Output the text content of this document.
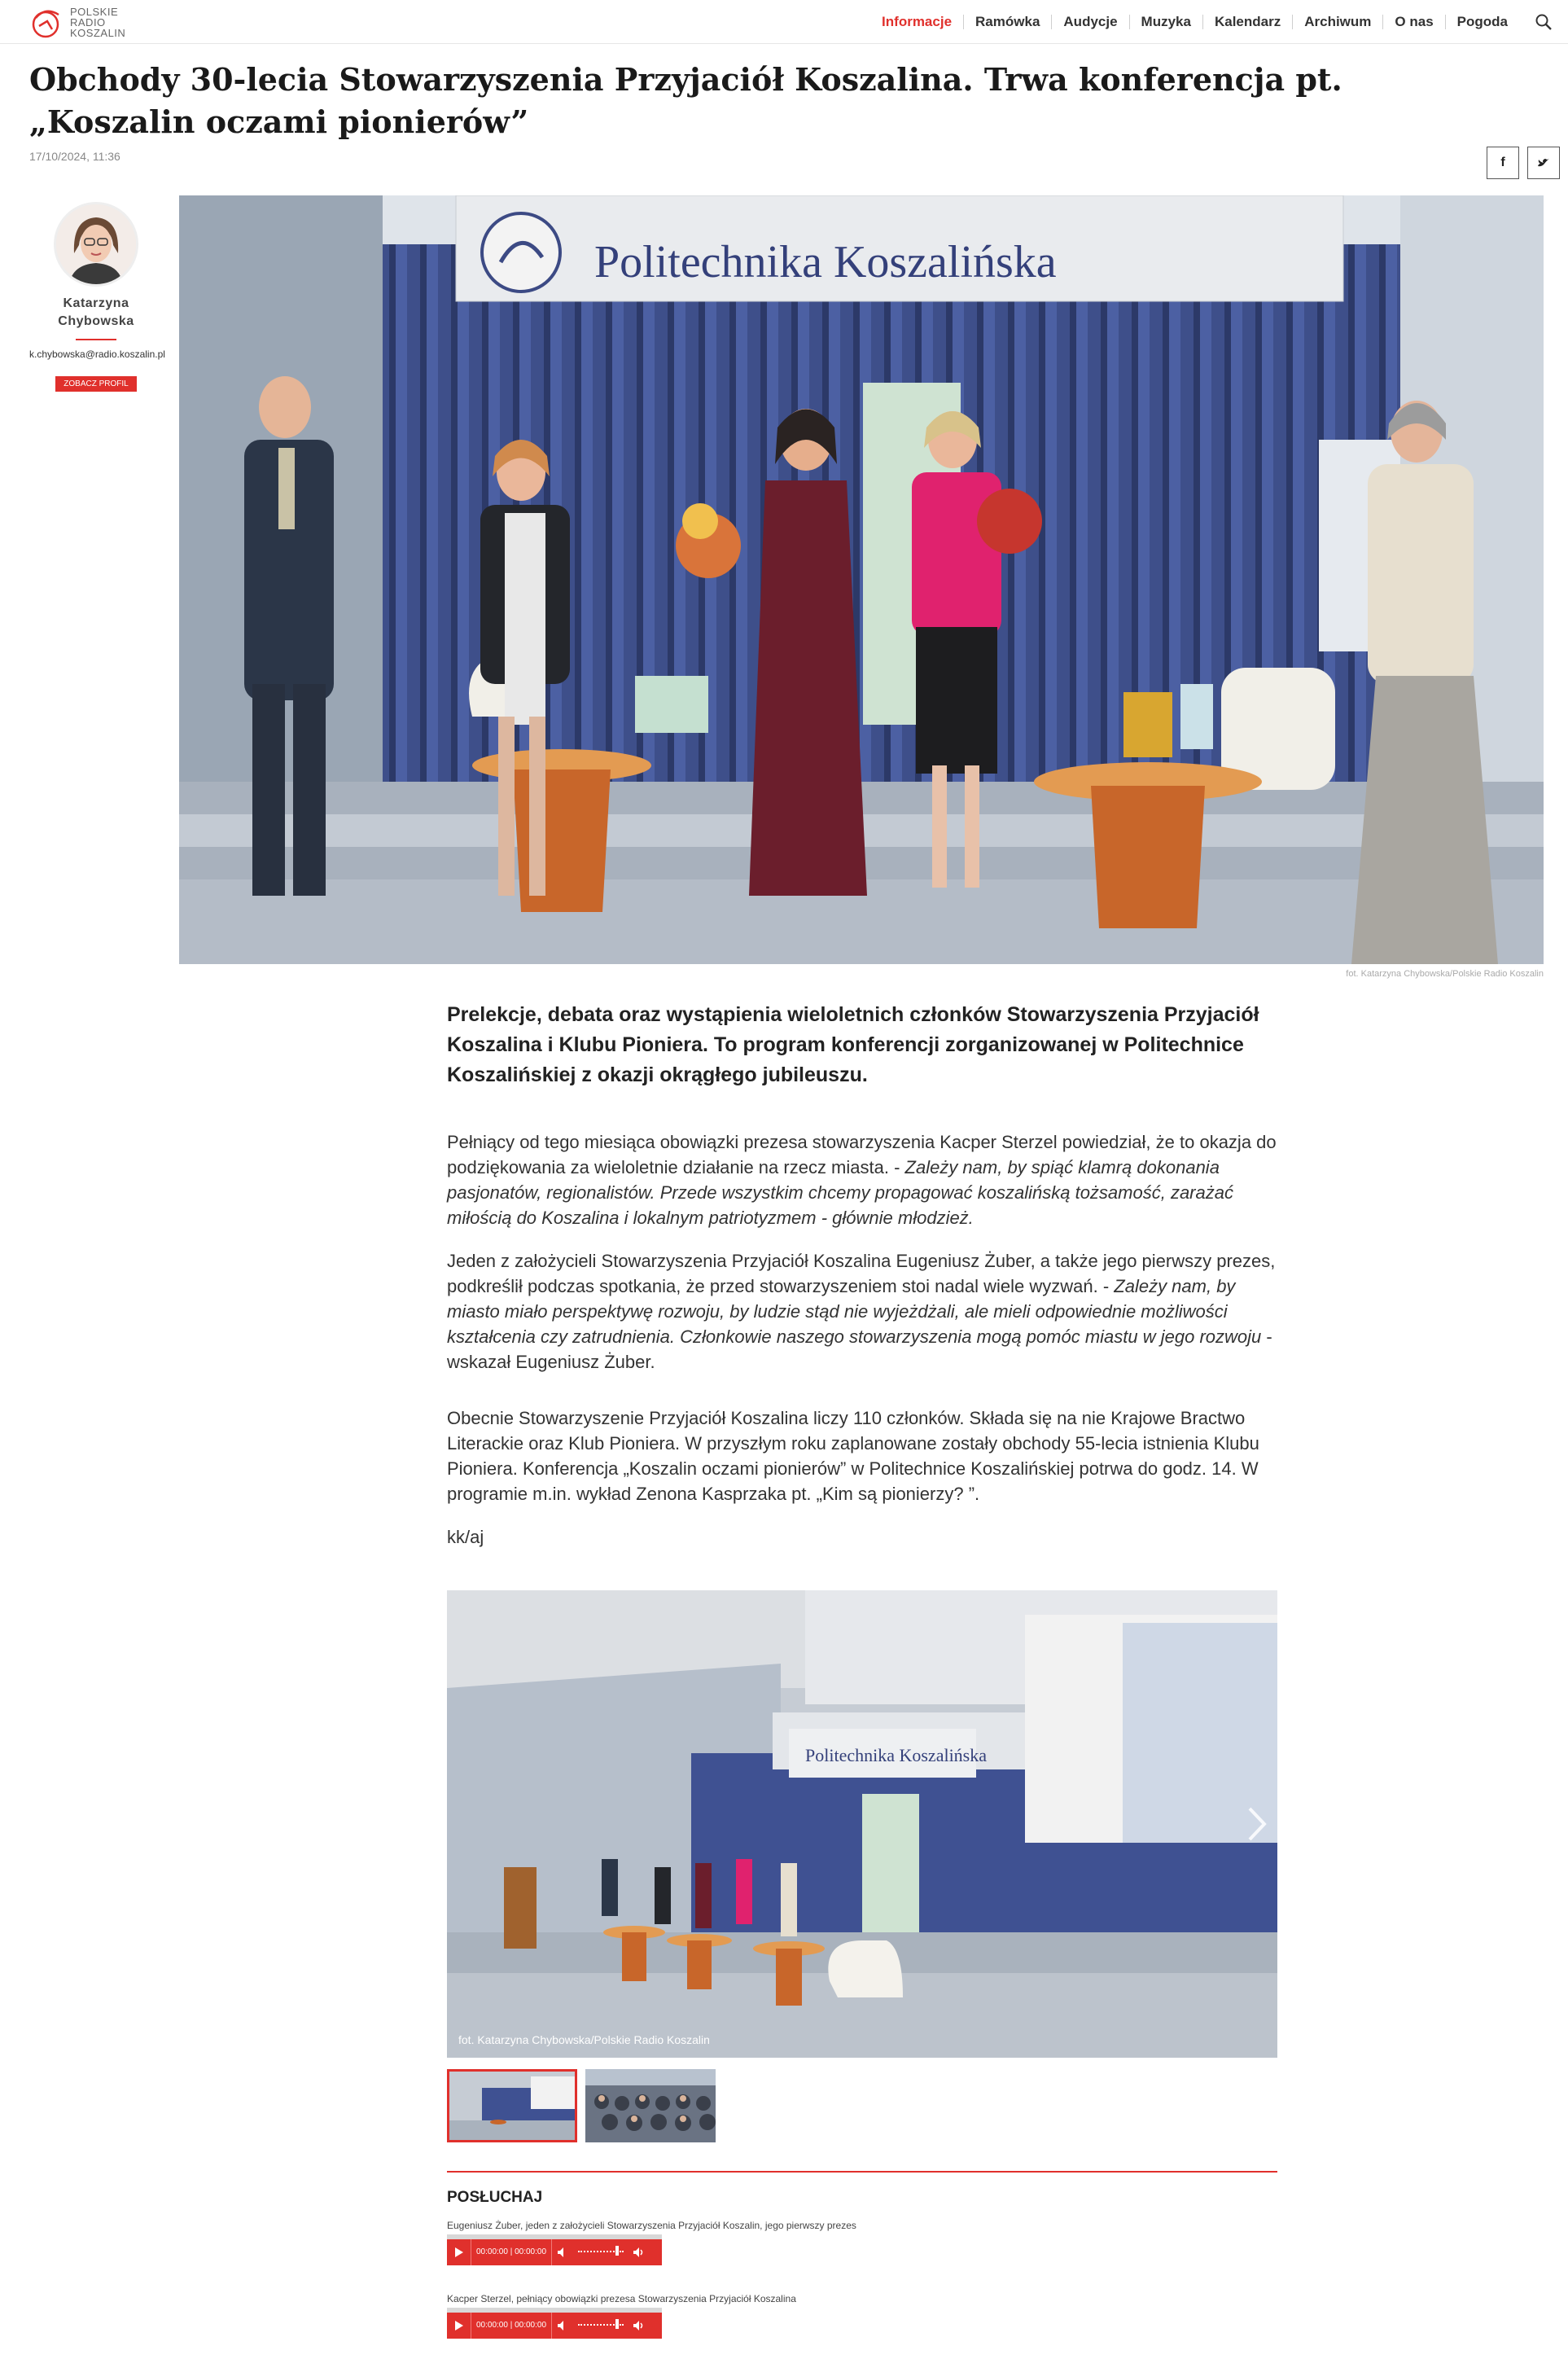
POLSKIE
RADIO
KOSZALIN
Informacje	Ramówka	Audycje	Muzyka	Kalendarz	Archiwum	O nas	Pogoda
Obchody 30-lecia Stowarzyszenia Przyjaciół Koszalina. Trwa konferencja pt. „Koszalin oczami pionierów”
17/10/2024, 11:36	f
Katarzyna
Chybowska
k.chybowska@radio.koszalin.pl
ZOBACZ PROFIL
Politechnika Koszalińska
fot. Katarzyna Chybowska/Polskie Radio Koszalin

Prelekcje, debata oraz wystąpienia wieloletnich członków Stowarzyszenia Przyjaciół Koszalina i Klubu Pioniera. To program konferencji zorganizowanej w Politechnice Koszalińskiej z okazji okrągłego jubileuszu.

Pełniący od tego miesiąca obowiązki prezesa stowarzyszenia Kacper Sterzel powiedział, że to okazja do podziękowania za wieloletnie działanie na rzecz miasta. - Zależy nam, by spiąć klamrą dokonania pasjonatów, regionalistów. Przede wszystkim chcemy propagować koszalińską tożsamość, zarażać miłością do Koszalina i lokalnym patriotyzmem - głównie młodzież.

Jeden z założycieli Stowarzyszenia Przyjaciół Koszalina Eugeniusz Żuber, a także jego pierwszy prezes, podkreślił podczas spotkania, że przed stowarzyszeniem stoi nadal wiele wyzwań. - Zależy nam, by miasto miało perspektywę rozwoju, by ludzie stąd nie wyjeżdżali, ale mieli odpowiednie możliwości kształcenia czy zatrudnienia. Członkowie naszego stowarzyszenia mogą pomóc miastu w jego rozwoju - wskazał Eugeniusz Żuber.

Obecnie Stowarzyszenie Przyjaciół Koszalina liczy 110 członków. Składa się na nie Krajowe Bractwo Literackie oraz Klub Pioniera. W przyszłym roku zaplanowane zostały obchody 55-lecia istnienia Klubu Pioniera. Konferencja „Koszalin oczami pionierów” w Politechnice Koszalińskiej potrwa do godz. 14. W programie m.in. wykład Zenona Kasprzaka pt. „Kim są pionierzy? ”.

kk/aj

Politechnika Koszalińska
fot. Katarzyna Chybowska/Polskie Radio Koszalin
POSŁUCHAJ
Eugeniusz Żuber, jeden z założycieli Stowarzyszenia Przyjaciół Koszalin, jego pierwszy prezes
00:00:00 | 00:00:00
Kacper Sterzel, pełniący obowiązki prezesa Stowarzyszenia Przyjaciół Koszalina
00:00:00 | 00:00:00
